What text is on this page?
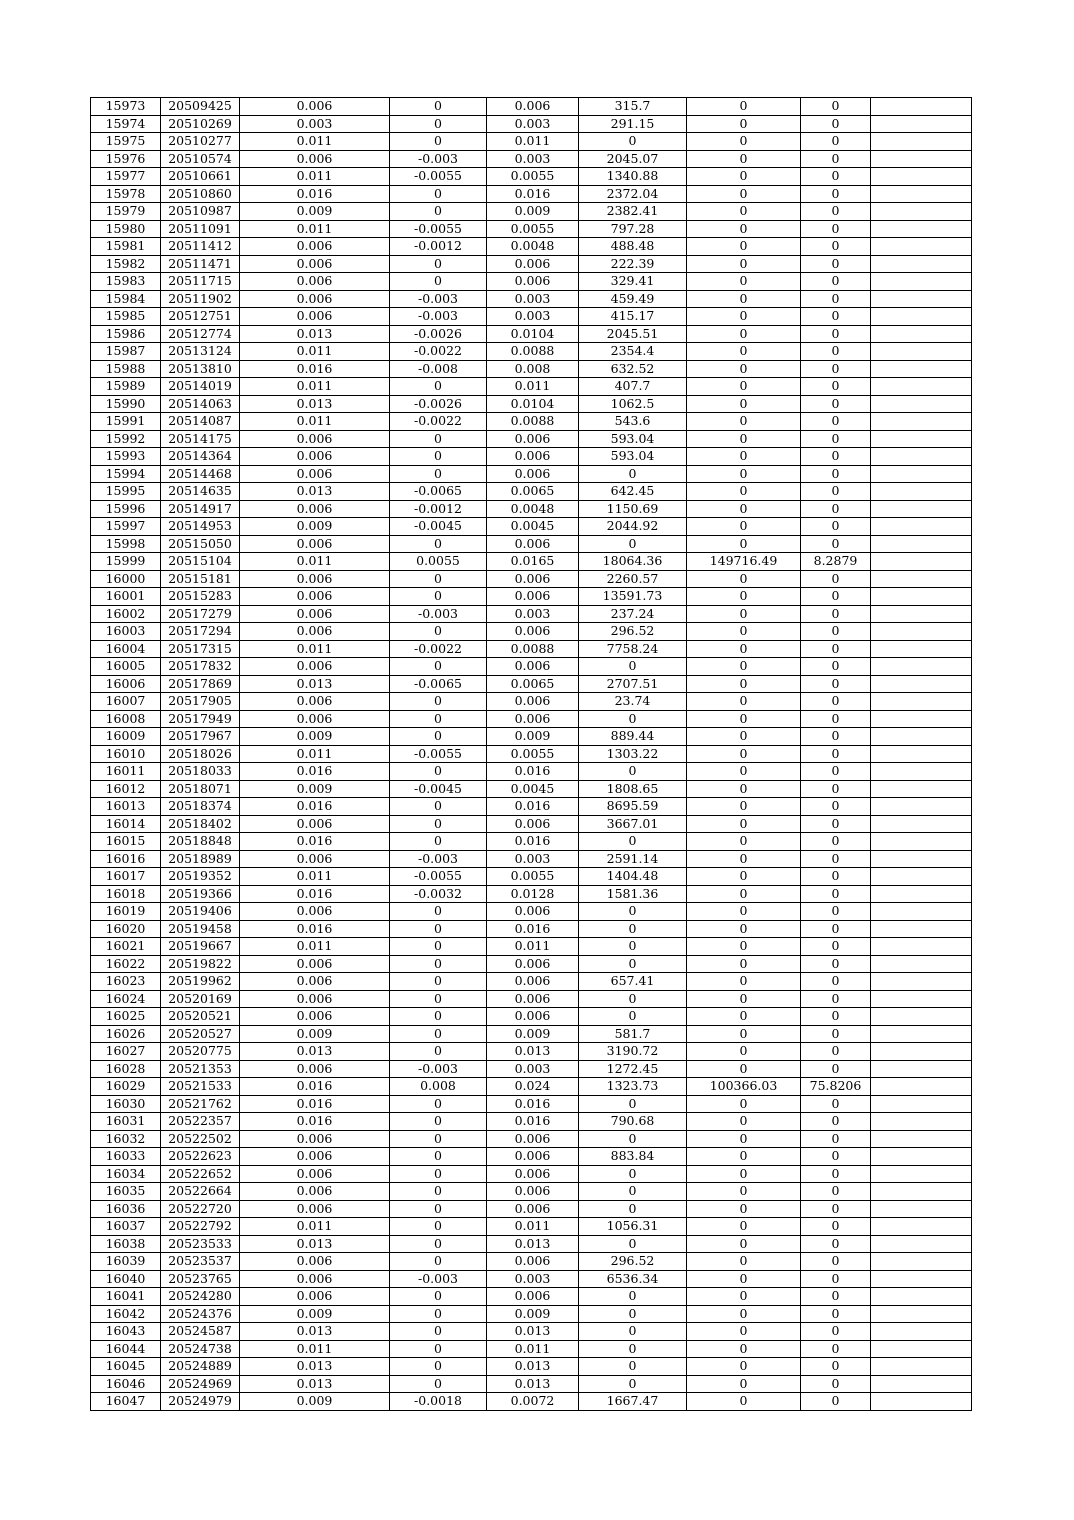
15973	20509425	0.006	0	0.006	315.7	0	0	
15974	20510269	0.003	0	0.003	291.15	0	0	
15975	20510277	0.011	0	0.011	0	0	0	
15976	20510574	0.006	-0.003	0.003	2045.07	0	0	
15977	20510661	0.011	-0.0055	0.0055	1340.88	0	0	
15978	20510860	0.016	0	0.016	2372.04	0	0	
15979	20510987	0.009	0	0.009	2382.41	0	0	
15980	20511091	0.011	-0.0055	0.0055	797.28	0	0	
15981	20511412	0.006	-0.0012	0.0048	488.48	0	0	
15982	20511471	0.006	0	0.006	222.39	0	0	
15983	20511715	0.006	0	0.006	329.41	0	0	
15984	20511902	0.006	-0.003	0.003	459.49	0	0	
15985	20512751	0.006	-0.003	0.003	415.17	0	0	
15986	20512774	0.013	-0.0026	0.0104	2045.51	0	0	
15987	20513124	0.011	-0.0022	0.0088	2354.4	0	0	
15988	20513810	0.016	-0.008	0.008	632.52	0	0	
15989	20514019	0.011	0	0.011	407.7	0	0	
15990	20514063	0.013	-0.0026	0.0104	1062.5	0	0	
15991	20514087	0.011	-0.0022	0.0088	543.6	0	0	
15992	20514175	0.006	0	0.006	593.04	0	0	
15993	20514364	0.006	0	0.006	593.04	0	0	
15994	20514468	0.006	0	0.006	0	0	0	
15995	20514635	0.013	-0.0065	0.0065	642.45	0	0	
15996	20514917	0.006	-0.0012	0.0048	1150.69	0	0	
15997	20514953	0.009	-0.0045	0.0045	2044.92	0	0	
15998	20515050	0.006	0	0.006	0	0	0	
15999	20515104	0.011	0.0055	0.0165	18064.36	149716.49	8.2879	
16000	20515181	0.006	0	0.006	2260.57	0	0	
16001	20515283	0.006	0	0.006	13591.73	0	0	
16002	20517279	0.006	-0.003	0.003	237.24	0	0	
16003	20517294	0.006	0	0.006	296.52	0	0	
16004	20517315	0.011	-0.0022	0.0088	7758.24	0	0	
16005	20517832	0.006	0	0.006	0	0	0	
16006	20517869	0.013	-0.0065	0.0065	2707.51	0	0	
16007	20517905	0.006	0	0.006	23.74	0	0	
16008	20517949	0.006	0	0.006	0	0	0	
16009	20517967	0.009	0	0.009	889.44	0	0	
16010	20518026	0.011	-0.0055	0.0055	1303.22	0	0	
16011	20518033	0.016	0	0.016	0	0	0	
16012	20518071	0.009	-0.0045	0.0045	1808.65	0	0	
16013	20518374	0.016	0	0.016	8695.59	0	0	
16014	20518402	0.006	0	0.006	3667.01	0	0	
16015	20518848	0.016	0	0.016	0	0	0	
16016	20518989	0.006	-0.003	0.003	2591.14	0	0	
16017	20519352	0.011	-0.0055	0.0055	1404.48	0	0	
16018	20519366	0.016	-0.0032	0.0128	1581.36	0	0	
16019	20519406	0.006	0	0.006	0	0	0	
16020	20519458	0.016	0	0.016	0	0	0	
16021	20519667	0.011	0	0.011	0	0	0	
16022	20519822	0.006	0	0.006	0	0	0	
16023	20519962	0.006	0	0.006	657.41	0	0	
16024	20520169	0.006	0	0.006	0	0	0	
16025	20520521	0.006	0	0.006	0	0	0	
16026	20520527	0.009	0	0.009	581.7	0	0	
16027	20520775	0.013	0	0.013	3190.72	0	0	
16028	20521353	0.006	-0.003	0.003	1272.45	0	0	
16029	20521533	0.016	0.008	0.024	1323.73	100366.03	75.8206	
16030	20521762	0.016	0	0.016	0	0	0	
16031	20522357	0.016	0	0.016	790.68	0	0	
16032	20522502	0.006	0	0.006	0	0	0	
16033	20522623	0.006	0	0.006	883.84	0	0	
16034	20522652	0.006	0	0.006	0	0	0	
16035	20522664	0.006	0	0.006	0	0	0	
16036	20522720	0.006	0	0.006	0	0	0	
16037	20522792	0.011	0	0.011	1056.31	0	0	
16038	20523533	0.013	0	0.013	0	0	0	
16039	20523537	0.006	0	0.006	296.52	0	0	
16040	20523765	0.006	-0.003	0.003	6536.34	0	0	
16041	20524280	0.006	0	0.006	0	0	0	
16042	20524376	0.009	0	0.009	0	0	0	
16043	20524587	0.013	0	0.013	0	0	0	
16044	20524738	0.011	0	0.011	0	0	0	
16045	20524889	0.013	0	0.013	0	0	0	
16046	20524969	0.013	0	0.013	0	0	0	
16047	20524979	0.009	-0.0018	0.0072	1667.47	0	0	
